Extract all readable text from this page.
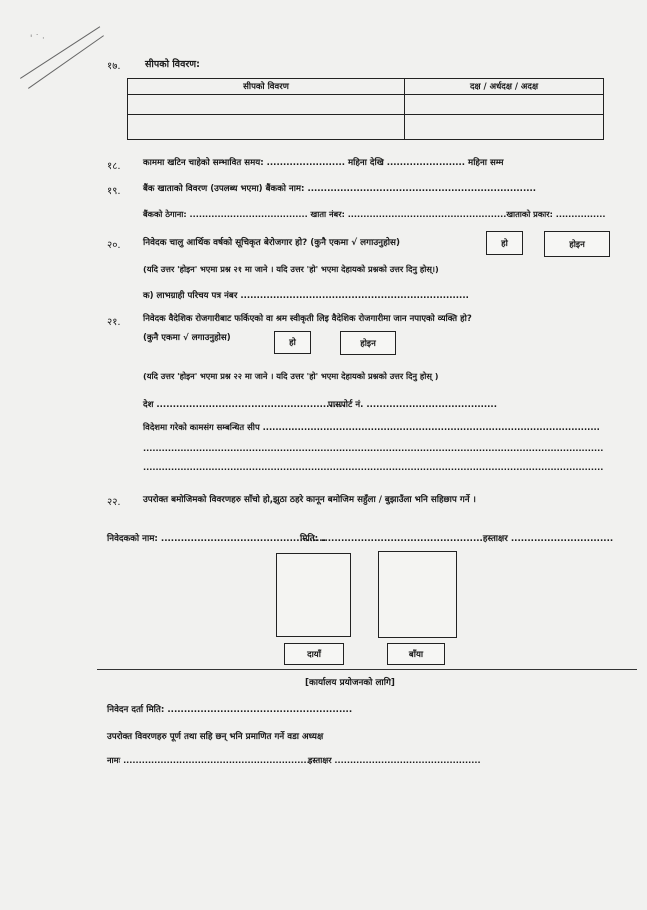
' ˙ ·
१७.	सीपको विवरण:
सीपको विवरण	दक्ष / अर्धदक्ष / अदक्ष

१८.	काममा खटिन चाहेको सम्भावित समय: ........................ महिना देखि ........................ महिना सम्म
१९.	बैंक खाताको विवरण (उपलब्ध भएमा) बैंकको नाम: ......................................................................
बैंकको ठेगाना: ...................................... खाता नंबर: ...................................................खाताको प्रकार: ................
२०.	निवेदक चालु आर्थिक वर्षको सूचिकृत बेरोजगार हो? (कुनै एकमा √ लगाउनुहोस)	हो	होइन
(यदि उत्तर 'होइन' भएमा प्रश्न २१ मा जाने । यदि उत्तर 'हो' भएमा देहायको प्रश्नको उत्तर दिनु होस्।)
क) लाभग्राही परिचय पत्र नंबर ......................................................................
२१.	निवेदक वैदेशिक रोजगारीबाट फर्किएको वा श्रम स्वीकृती लिइ वैदेशिक रोजगारीमा जान नपाएको व्यक्ति हो?
(कुनै एकमा √ लगाउनुहोस)	हो	होइन
(यदि उत्तर 'होइन' भएमा प्रश्न २२ मा जाने । यदि उत्तर 'हो' भएमा देहायको प्रश्नको उत्तर दिनु होस् )
देश ..........................................................
पासपोर्ट नं. ........................................
विदेशमा गरेको कामसंग सम्बन्धित सीप ..........................................................................................................
....................................................................................................................................................
....................................................................................................................................................
२२.	उपरोक्त बमोजिमको विवरणहरु साँचो हो,झुठा ठहरे कानून बमोजिम सहुँला / बुझाउँला भनि सहिछाप गर्ने ।
निवेदकको नाम: ..................................................
मिति: .................................................हस्ताक्षर ...............................
दायाँ	बाँया
[कार्यालय प्रयोजनको लागि]
निवेदन दर्ता मिति: ........................................................
उपरोक्त विवरणहरु पूर्ण तथा सहि छन् भनि प्रमाणित गर्ने वडा अध्यक्ष
नामः ..............................................................
हस्ताक्षर ...............................................
